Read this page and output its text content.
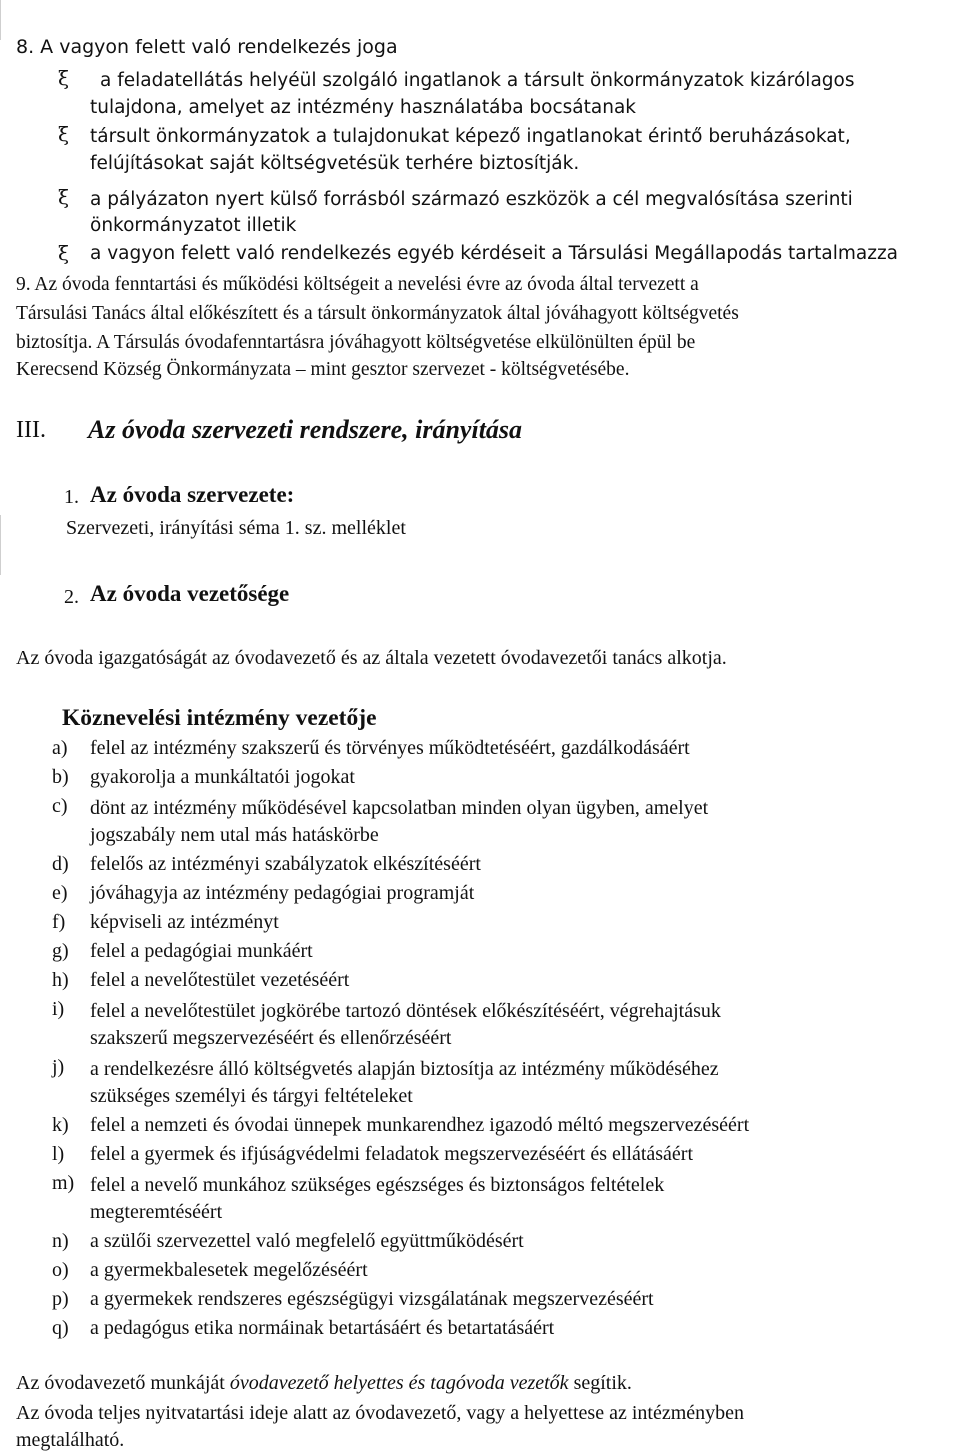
8. A vagyon felett való rendelkezés joga
ξ a feladatellátás helyéül szolgáló ingatlanok a társult önkormányzatok kizárólagos
tulajdona, amelyet az intézmény használatába bocsátanak
ξ társult önkormányzatok a tulajdonukat képező ingatlanokat érintő beruházásokat,
felújításokat saját költségvetésük terhére biztosítják.
ξ a pályázaton nyert külső forrásból származó eszközök a cél megvalósítása szerinti
önkormányzatot illetik
ξ a vagyon felett való rendelkezés egyéb kérdéseit a Társulási Megállapodás tartalmazza
9. Az óvoda fenntartási és működési költségeit a nevelési évre az óvoda által tervezett a
Társulási Tanács által előkészített és a társult önkormányzatok által jóváhagyott költségvetés
biztosítja. A Társulás óvodafenntartásra jóváhagyott költségvetése elkülönülten épül be
Kerecsend Község Önkormányzata – mint gesztor szervezet - költségvetésébe.
III. Az óvoda szervezeti rendszere, irányítása
1. Az óvoda szervezete:
Szervezeti, irányítási séma 1. sz. melléklet
2. Az óvoda vezetősége
Az óvoda igazgatóságát az óvodavezető és az általa vezetett óvodavezetői tanács alkotja.
Köznevelési intézmény vezetője
a) felel az intézmény szakszerű és törvényes működtetéséért, gazdálkodásáért
b) gyakorolja a munkáltatói jogokat
c) dönt az intézmény működésével kapcsolatban minden olyan ügyben, amelyet
jogszabály nem utal más hatáskörbe
d) felelős az intézményi szabályzatok elkészítéséért
e) jóváhagyja az intézmény pedagógiai programját
f) képviseli az intézményt
g) felel a pedagógiai munkáért
h) felel a nevelőtestület vezetéséért
i) felel a nevelőtestület jogkörébe tartozó döntések előkészítéséért, végrehajtásuk
szakszerű megszervezéséért és ellenőrzéséért
j) a rendelkezésre álló költségvetés alapján biztosítja az intézmény működéséhez
szükséges személyi és tárgyi feltételeket
k) felel a nemzeti és óvodai ünnepek munkarendhez igazodó méltó megszervezéséért
l) felel a gyermek és ifjúságvédelmi feladatok megszervezéséért és ellátásáért
m) felel a nevelő munkához szükséges egészséges és biztonságos feltételek
megteremtéséért
n) a szülői szervezettel való megfelelő együttműködésért
o) a gyermekbalesetek megelőzéséért
p) a gyermekek rendszeres egészségügyi vizsgálatának megszervezéséért
q) a pedagógus etika normáinak betartásáért és betartatásáért
Az óvodavezető munkáját óvodavezető helyettes és tagóvoda vezetők segítik.
Az óvoda teljes nyitvatartási ideje alatt az óvodavezető, vagy a helyettese az intézményben
megtalálható.
